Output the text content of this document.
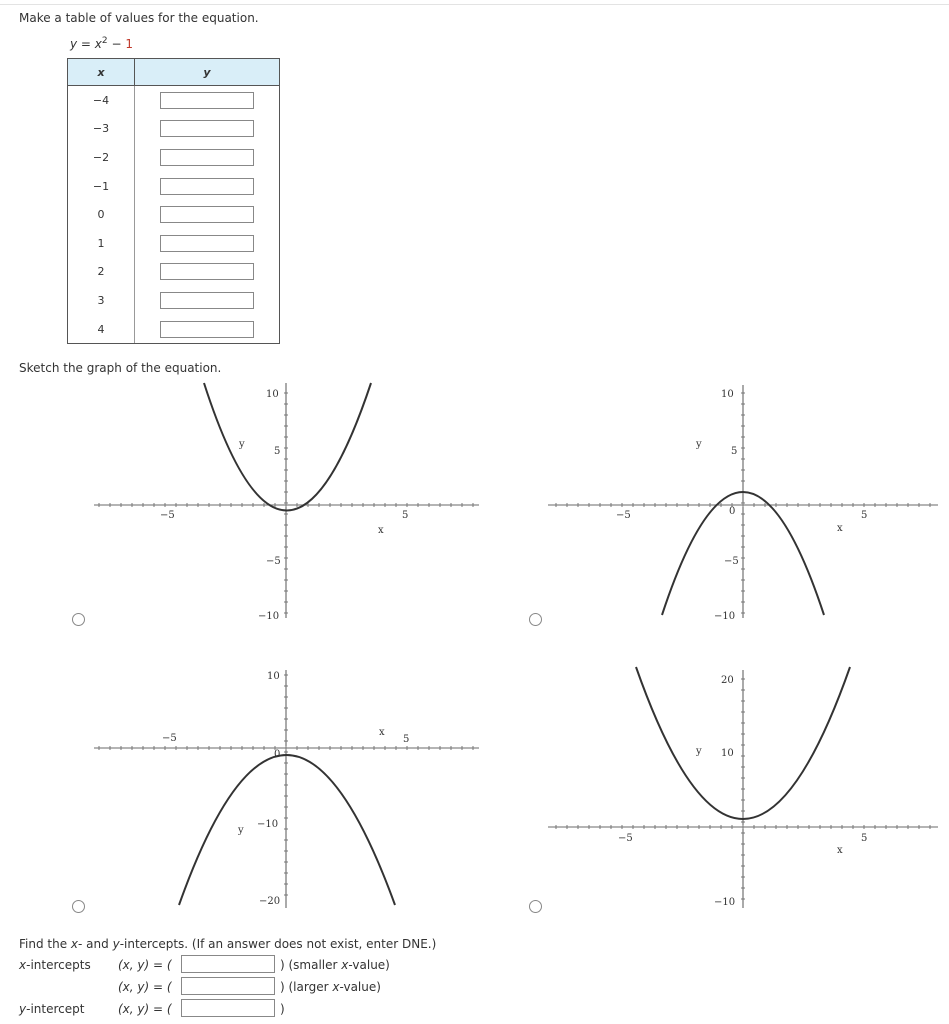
Make a table of values for the equation.
$y = x^2 - 1$
x	y
−4	
−3	
−2	
−1	
0	
1	
2	
3	
4	
Sketch the graph of the equation.
−5	5
10
5
−5
−10
x
y
−5	5
10
5
0
−5
−10
x
y
−5	5
10
0
−10
−20
x
y
−5	5
20
10
−10
x
y
Find the x- and y-intercepts. (If an answer does not exist, enter DNE.)
x-intercepts (x, y) = (	) (smaller x-value)
(x, y) = (	) (larger x-value)
y-intercept	(x, y) = (	)
